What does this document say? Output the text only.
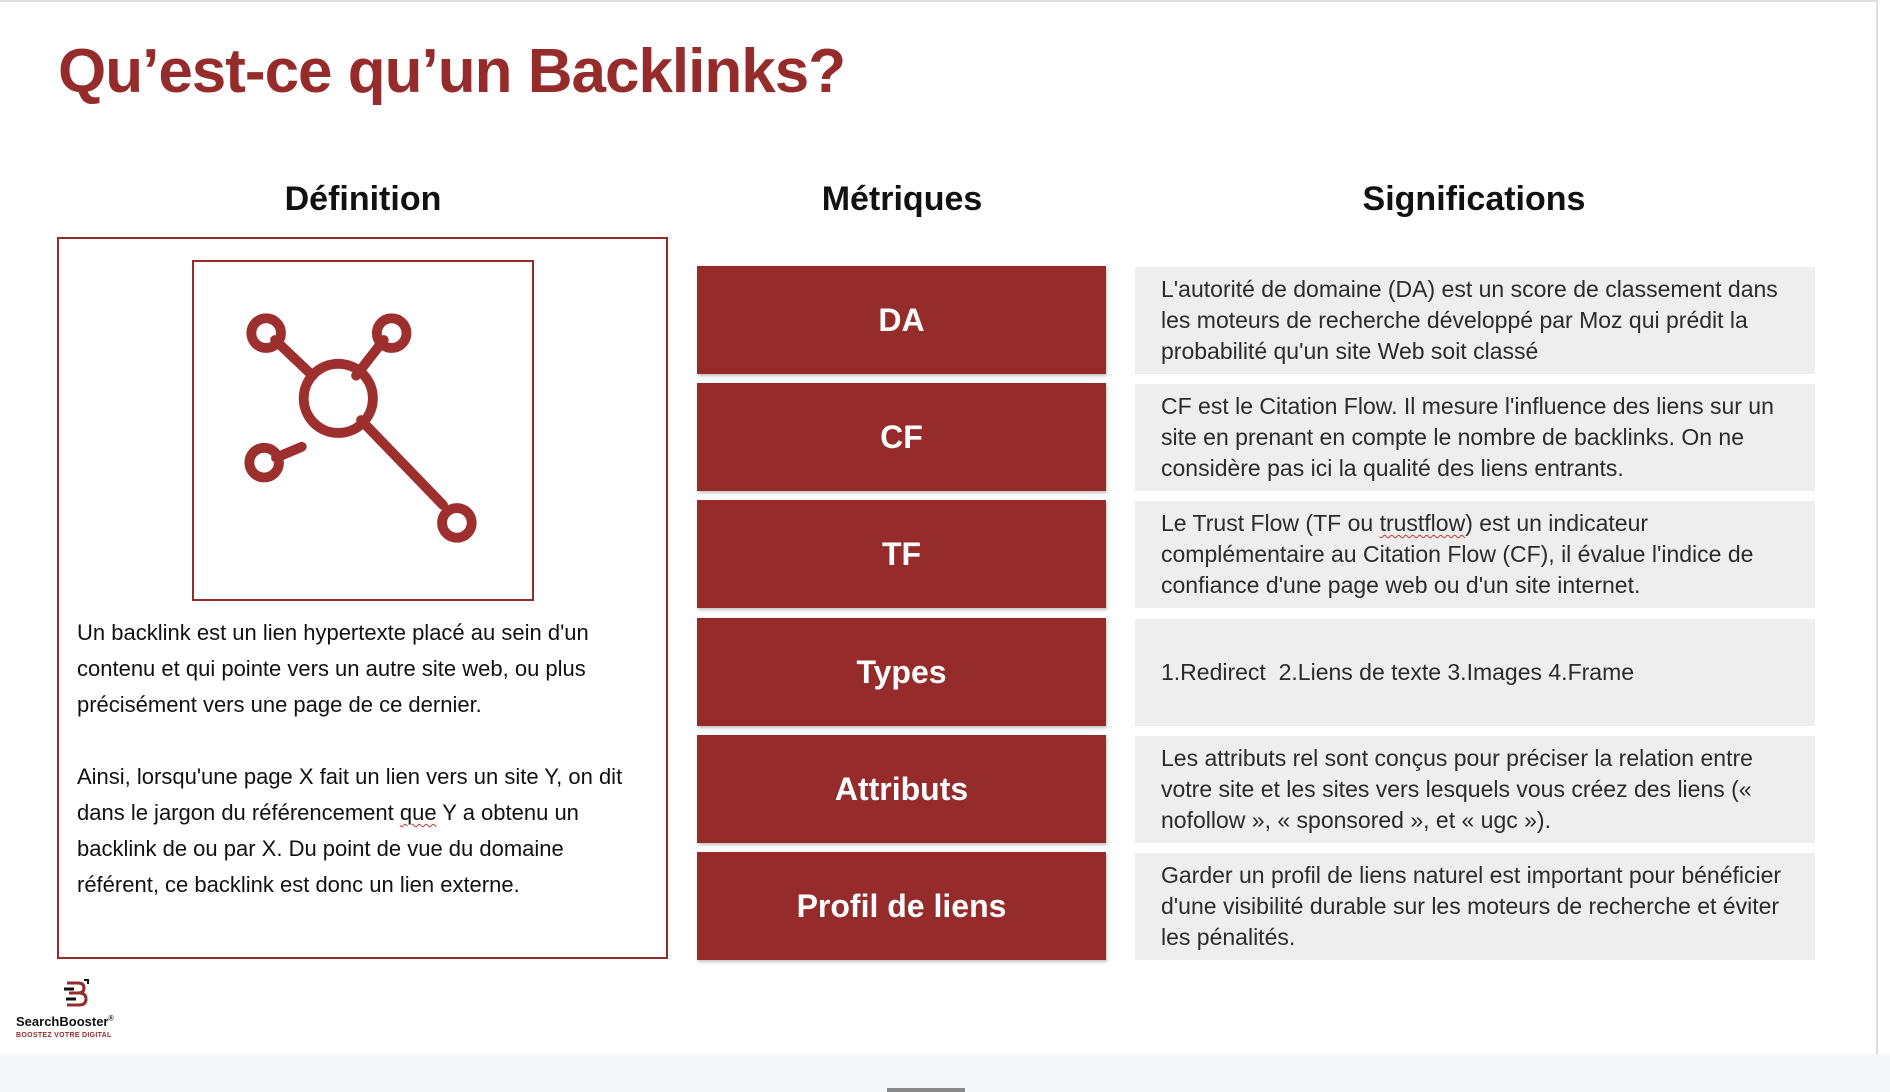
Qu’est-ce qu’un Backlinks?
Définition	Métriques	Significations

Un backlink est un lien hypertexte placé au sein d'un contenu et qui pointe vers un autre site web, ou plus précisément vers une page de ce dernier.

Ainsi, lorsqu'une page X fait un lien vers un site Y, on dit dans le jargon du référencement que Y a obtenu un backlink de ou par X. Du point de vue du domaine référent, ce backlink est donc un lien externe.

DA
CF
TF
Types
Attributs
Profil de liens
L'autorité de domaine (DA) est un score de classement dans les moteurs de recherche développé par Moz qui prédit la probabilité qu'un site Web soit classé
CF est le Citation Flow. Il mesure l'influence des liens sur un site en prenant en compte le nombre de backlinks. On ne considère pas ici la qualité des liens entrants.
Le Trust Flow (TF ou trustflow) est un indicateur complémentaire au Citation Flow (CF), il évalue l'indice de confiance d'une page web ou d'un site internet.
1.Redirect  2.Liens de texte 3.Images 4.Frame
Les attributs rel sont conçus pour préciser la relation entre votre site et les sites vers lesquels vous créez des liens (« nofollow », « sponsored », et « ugc »).
Garder un profil de liens naturel est important pour bénéficier d'une visibilité durable sur les moteurs de recherche et éviter les pénalités.
SearchBooster®
BOOSTEZ VOTRE DIGITAL
